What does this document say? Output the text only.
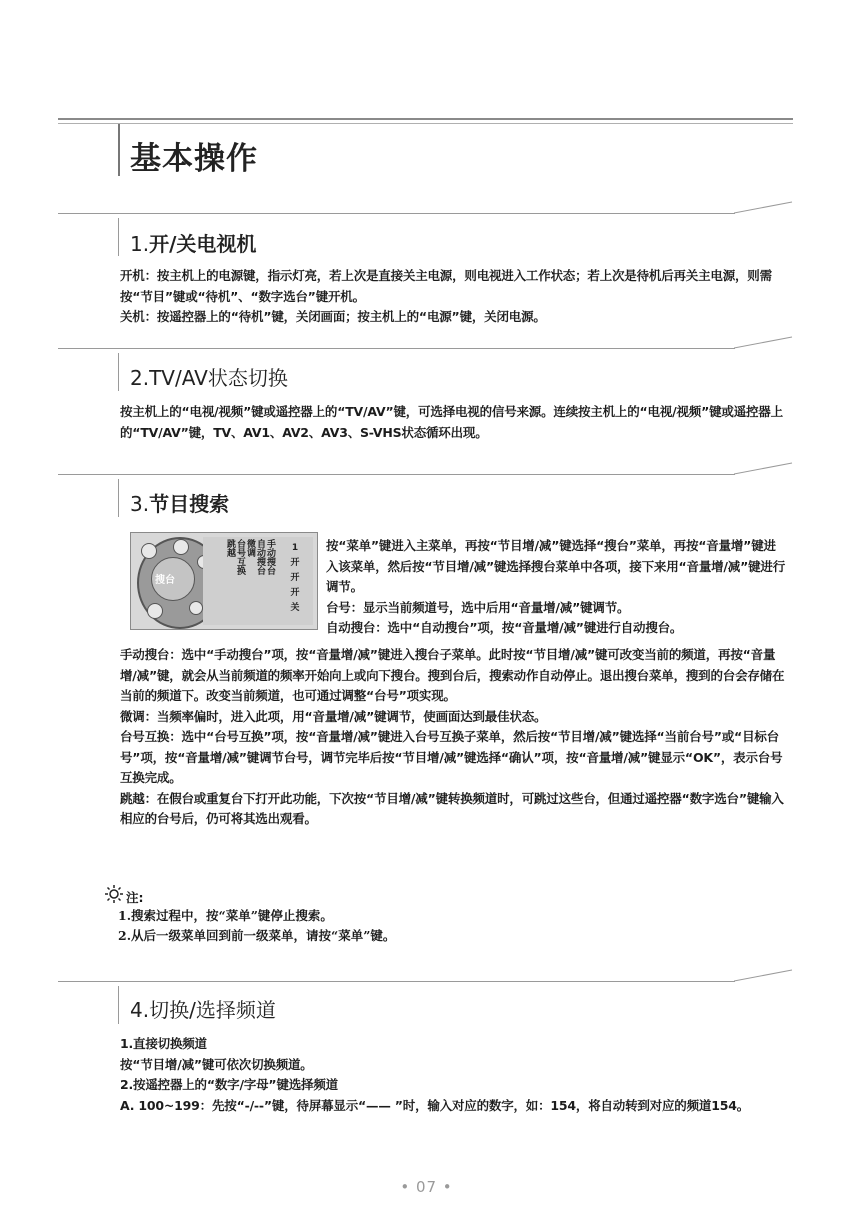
基本操作
1.开/关电视机

开机：按主机上的电源键，指示灯亮，若上次是直接关主电源，则电视进入工作状态；若上次是待机后再关主电源，则需按“节目”键或“待机”、“数字选台”键开机。

关机：按遥控器上的“待机”键，关闭画面；按主机上的“电源”键，关闭电源。

2.TV/AV状态切换

按主机上的“电视/视频”键或遥控器上的“TV/AV”键，可选择电视的信号来源。连续按主机上的“电视/视频”键或遥控器上的“TV/AV”键，TV、AV1、AV2、AV3、S-VHS状态循环出现。

3.节目搜索
搜台
手动搜台
自动搜台
微调
台号互换
跳越	1
开
开
开
关

按“菜单”键进入主菜单，再按“节目增/减”键选择“搜台”菜单，再按“音量增”键进入该菜单，然后按“节目增/减”键选择搜台菜单中各项，接下来用“音量增/减”键进行调节。

台号：显示当前频道号，选中后用“音量增/减”键调节。

自动搜台：选中“自动搜台”项，按“音量增/减”键进行自动搜台。

手动搜台：选中“手动搜台”项，按“音量增/减”键进入搜台子菜单。此时按“节目增/减”键可改变当前的频道，再按“音量增/减”键，就会从当前频道的频率开始向上或向下搜台。搜到台后，搜索动作自动停止。退出搜台菜单，搜到的台会存储在当前的频道下。改变当前频道，也可通过调整“台号”项实现。

微调：当频率偏时，进入此项，用“音量增/减”键调节，使画面达到最佳状态。

台号互换：选中“台号互换”项，按“音量增/减”键进入台号互换子菜单，然后按“节目增/减”键选择“当前台号”或“目标台号”项，按“音量增/减”键调节台号，调节完毕后按“节目增/减”键选择“确认”项，按“音量增/减”键显示“OK”，表示台号互换完成。

跳越：在假台或重复台下打开此功能，下次按“节目增/减”键转换频道时，可跳过这些台，但通过遥控器“数字选台”键输入相应的台号后，仍可将其选出观看。

注:
1.搜索过程中，按“菜单”键停止搜索。
2.从后一级菜单回到前一级菜单，请按“菜单”键。
4.切换/选择频道

1.直接切换频道

按“节目增/减”键可依次切换频道。

2.按遥控器上的“数字/字母”键选择频道

A. 100~199：先按“-/--”键，待屏幕显示“—— ”时，输入对应的数字，如：154，将自动转到对应的频道154。

• 07 •
